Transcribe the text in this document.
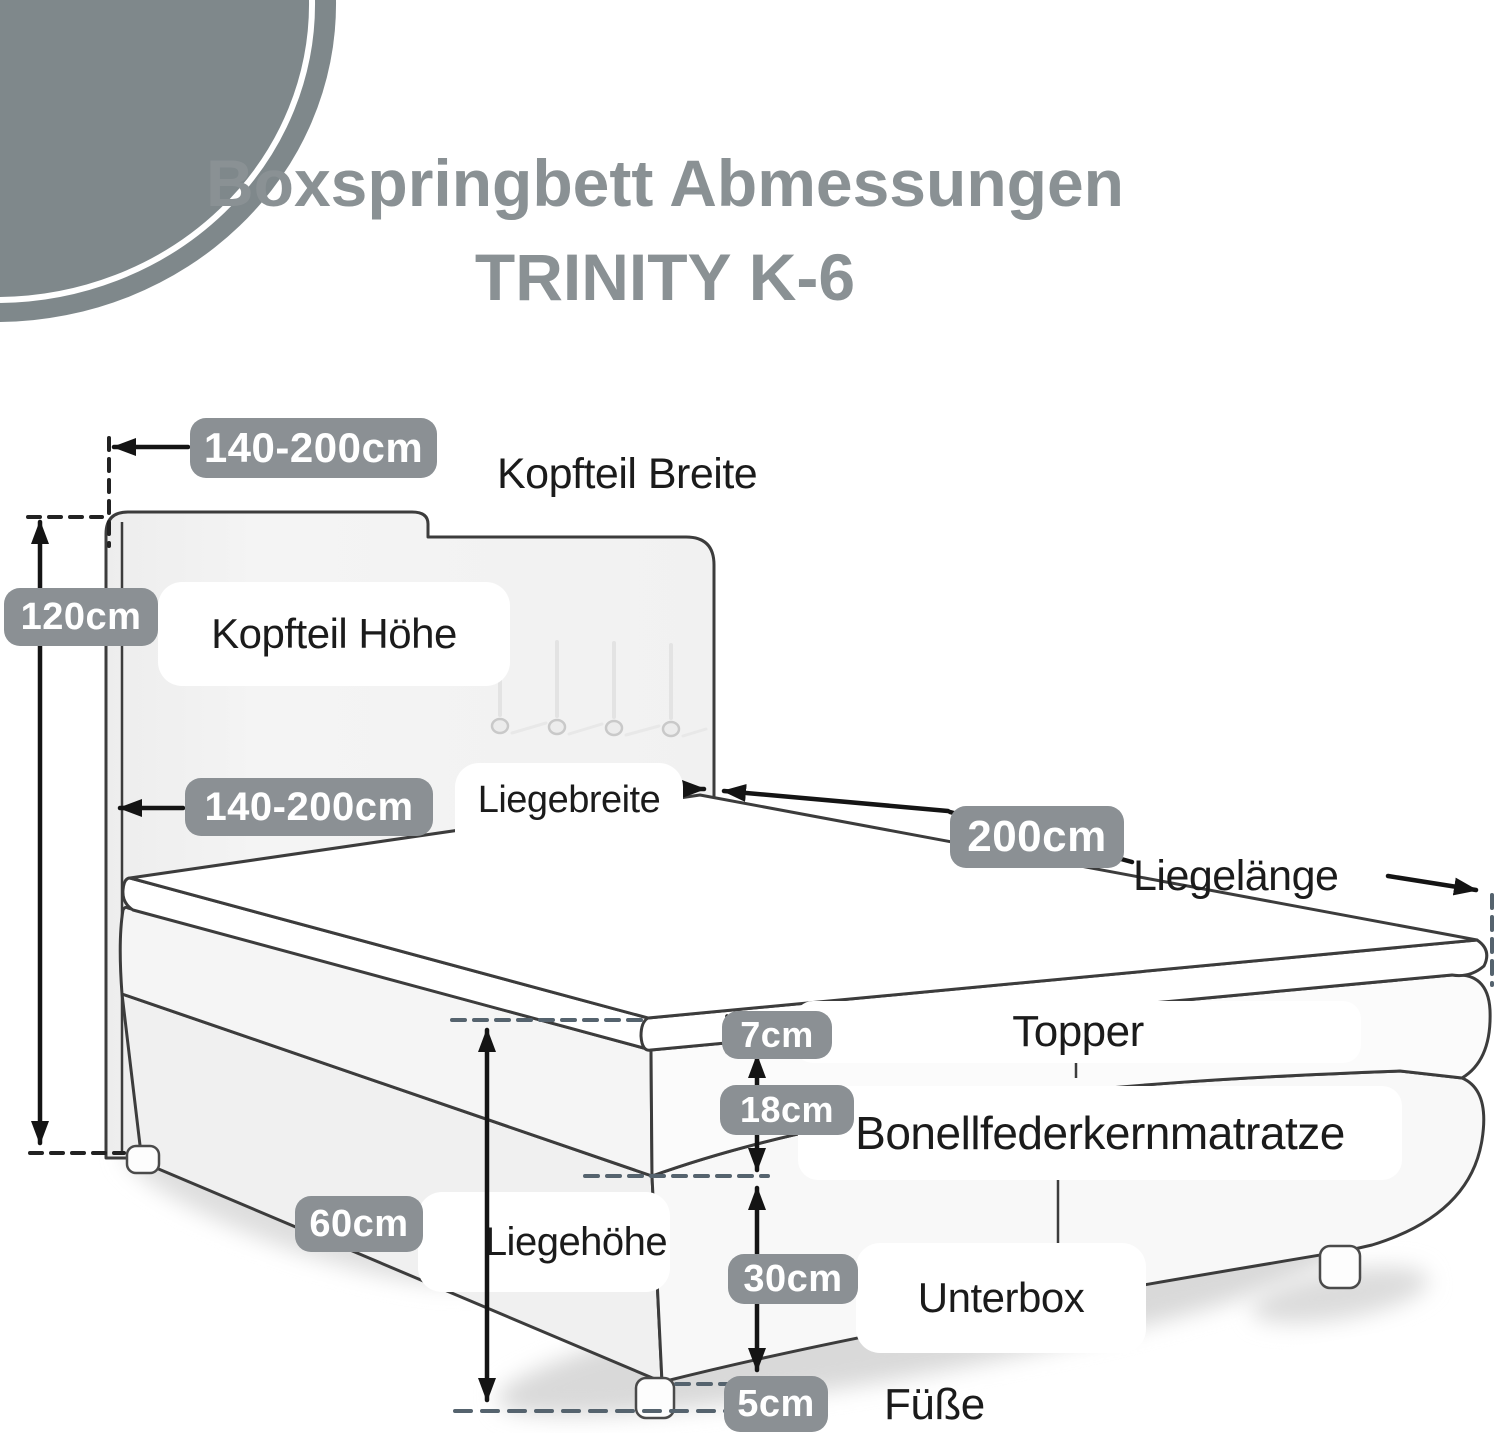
Boxspringbett Abmessungen
TRINITY K-6
Kopfteil Höhe
Liegebreite
Topper
Bonellfederkernmatratze
Liegehöhe
Unterbox
Kopfteil Breite
Liegelänge
Füße
140-200cm
120cm
140-200cm
200cm
7cm
18cm
60cm
30cm
5cm
